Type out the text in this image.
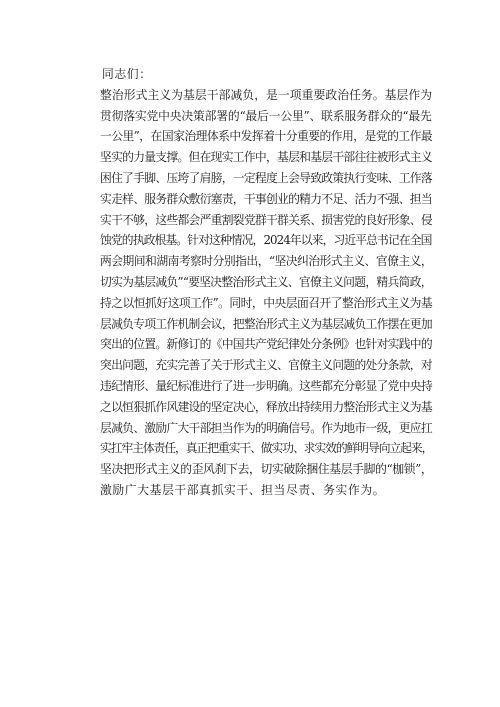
同志们：
整治形式主义为基层干部减负，是一项重要政治任务。基层作为
贯彻落实党中央决策部署的“最后一公里”、联系服务群众的“最先
一公里”，在国家治理体系中发挥着十分重要的作用，是党的工作最
坚实的力量支撑。但在现实工作中，基层和基层干部往往被形式主义
困住了手脚、压垮了肩膀，一定程度上会导致政策执行变味、工作落
实走样、服务群众敷衍塞责，干事创业的精力不足、活力不强、担当
实干不够，这些都会严重割裂党群干群关系、损害党的良好形象、侵
蚀党的执政根基。针对这种情况，2024年以来，习近平总书记在全国
两会期间和湖南考察时分别指出，“坚决纠治形式主义、官僚主义，
切实为基层减负”“要坚决整治形式主义、官僚主义问题，精兵简政，
持之以恒抓好这项工作”。同时，中央层面召开了整治形式主义为基
层减负专项工作机制会议，把整治形式主义为基层减负工作摆在更加
突出的位置。新修订的《中国共产党纪律处分条例》也针对实践中的
突出问题，充实完善了关于形式主义、官僚主义问题的处分条款，对
违纪情形、量纪标准进行了进一步明确。这些都充分彰显了党中央持
之以恒狠抓作风建设的坚定决心，释放出持续用力整治形式主义为基
层减负、激励广大干部担当作为的明确信号。作为地市一级，更应扛
实扛牢主体责任，真正把重实干、做实功、求实效的鲜明导向立起来，
坚决把形式主义的歪风刹下去，切实破除捆住基层手脚的“枷锁”，
激励广大基层干部真抓实干、担当尽责、务实作为。
